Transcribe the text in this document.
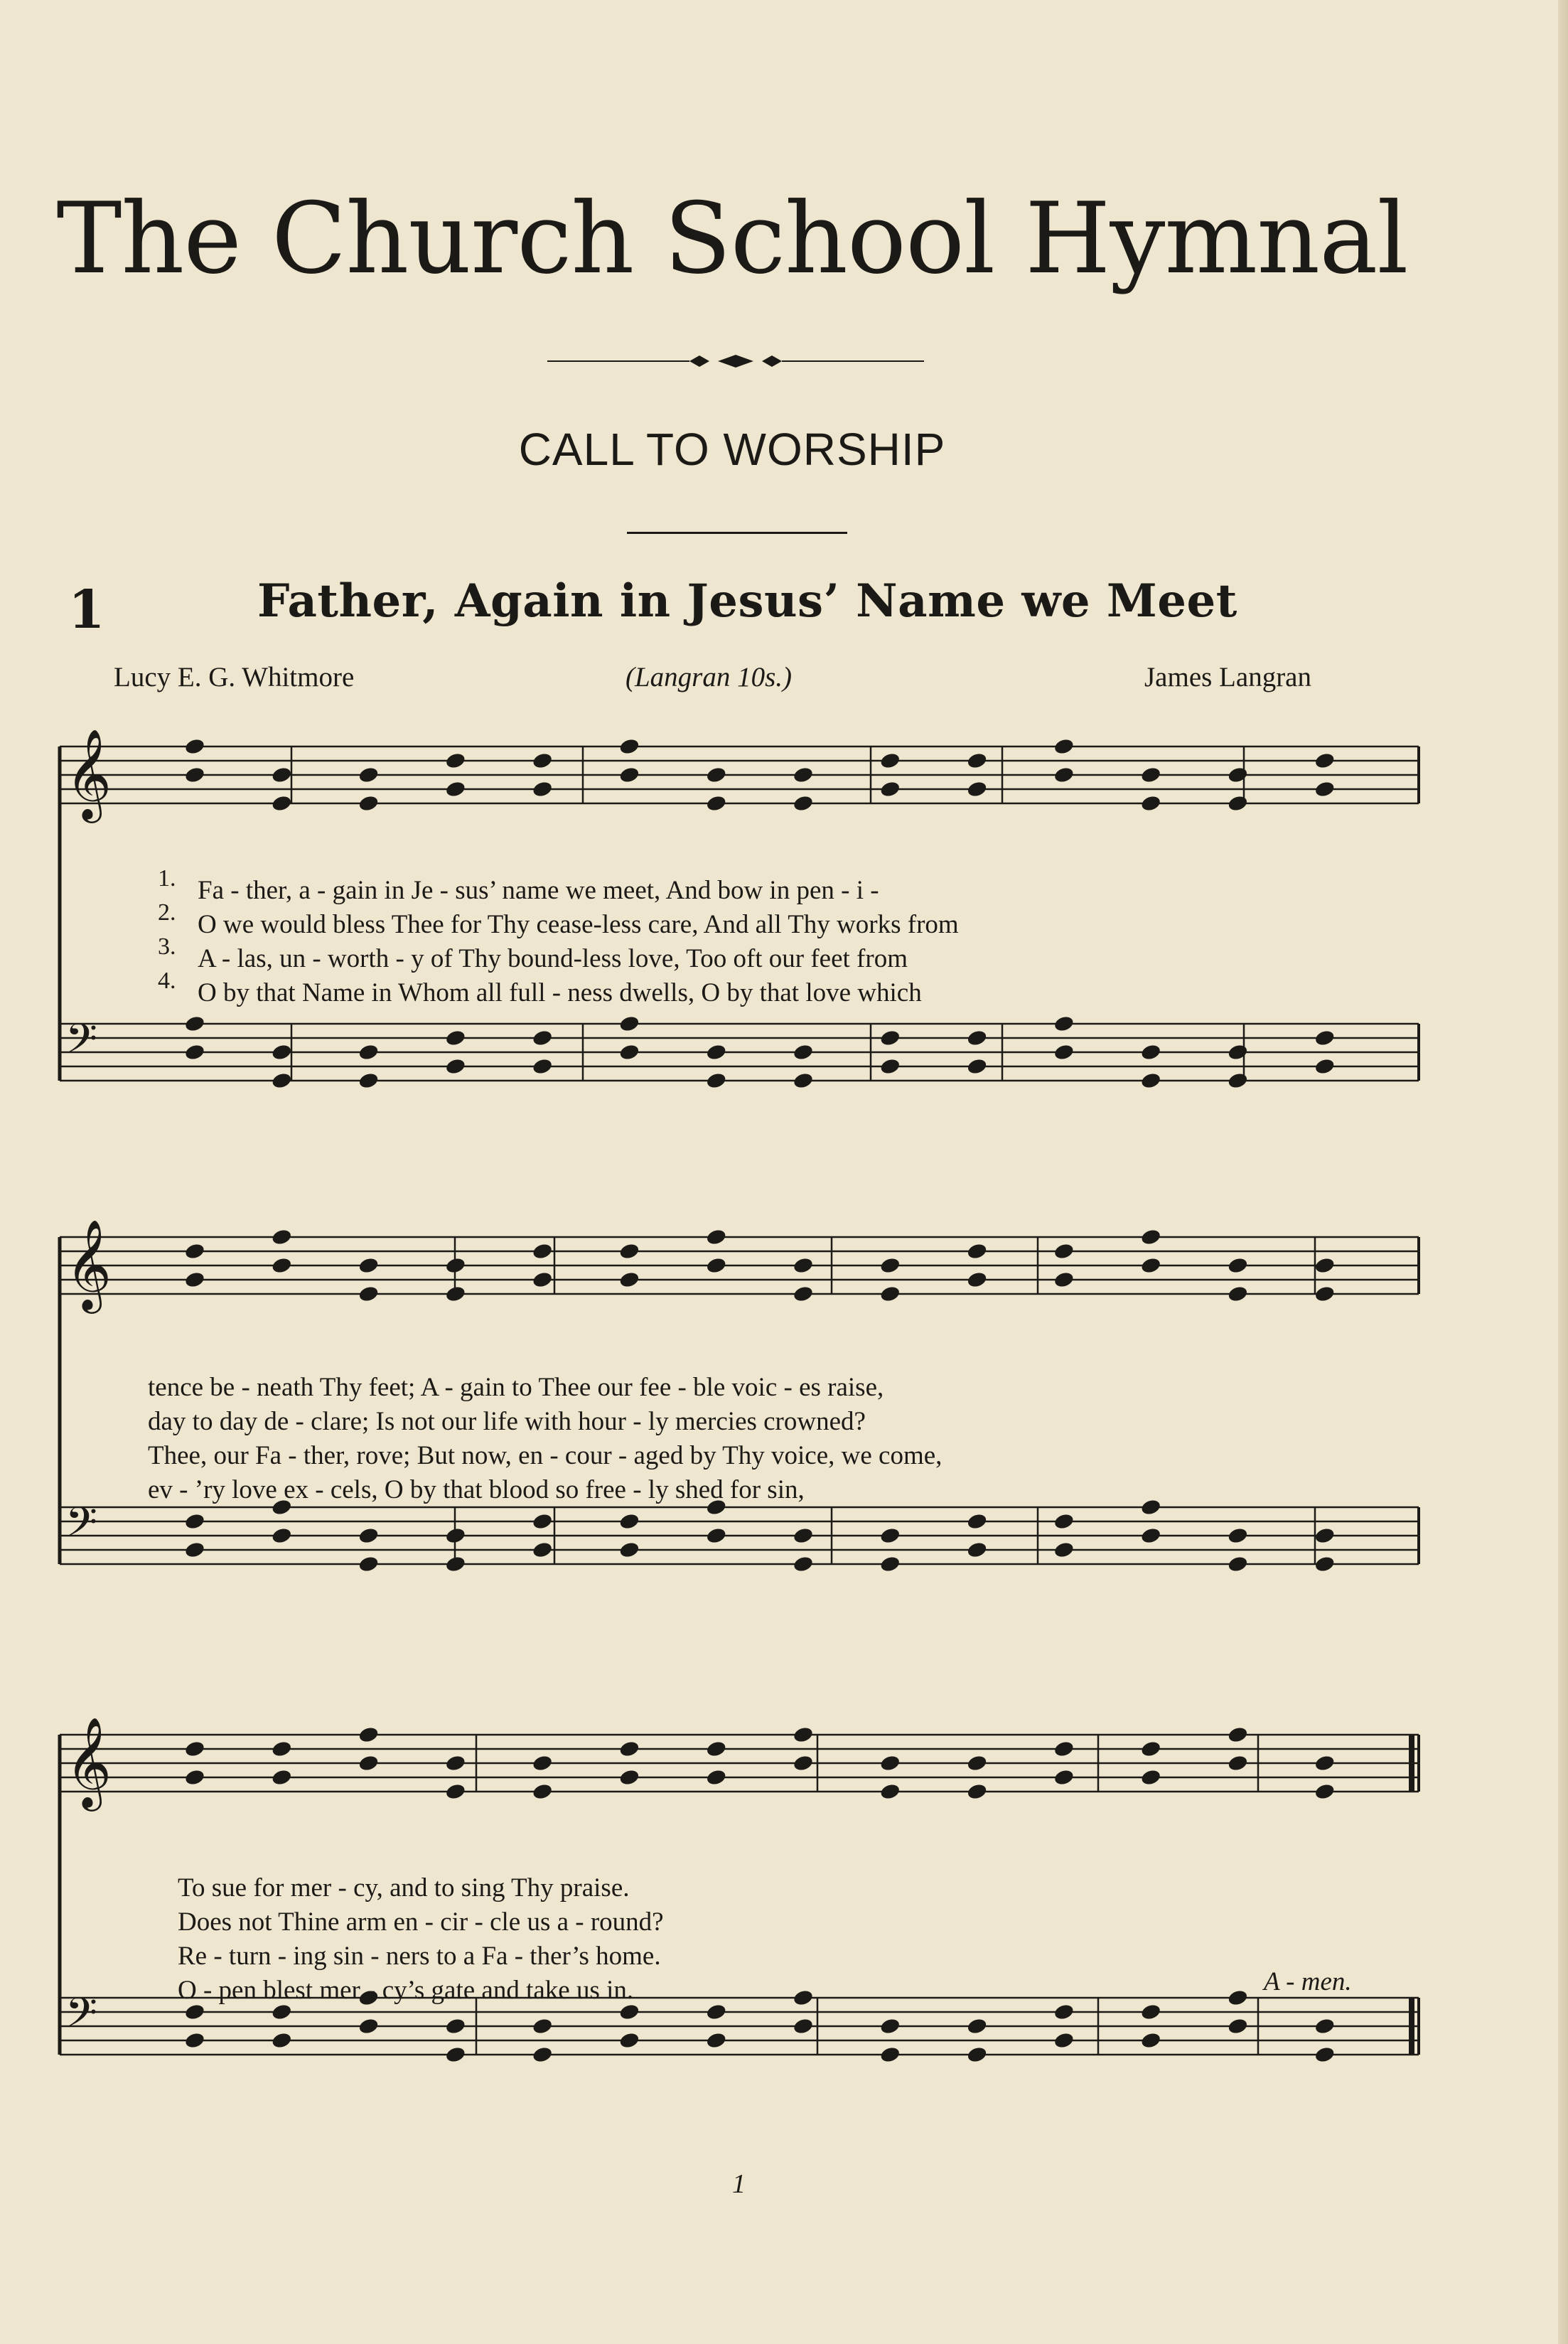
The Church School Hymnal
CALL TO WORSHIP
1	Father, Again in Jesus’ Name we Meet
Lucy E. G. Whitmore	(Langran 10s.)	James Langran
𝄞
𝄢
𝄞
𝄢
𝄞
𝄢
1.
2.
3.
4.
Fa - ther, a - gain in Je - sus’ name we meet, And bow in pen - i -
O we would bless Thee for Thy cease-less care, And all Thy works from
A - las, un - worth - y of Thy bound-less love, Too oft our feet from
O by that Name in Whom all full - ness dwells, O by that love which
tence be - neath Thy feet; A - gain to Thee our fee - ble voic - es raise,
day to day de - clare; Is not our life with hour - ly mercies crowned?
Thee, our Fa - ther, rove; But now, en - cour - aged by Thy voice, we come,
ev - ’ry love ex - cels, O by that blood so free - ly shed for sin,
To sue for mer - cy, and to sing Thy praise.
Does not Thine arm en - cir - cle us a - round?
Re - turn - ing sin - ners to a Fa - ther’s home.
O - pen blest mer - cy’s gate and take us in.	A - men.
1
